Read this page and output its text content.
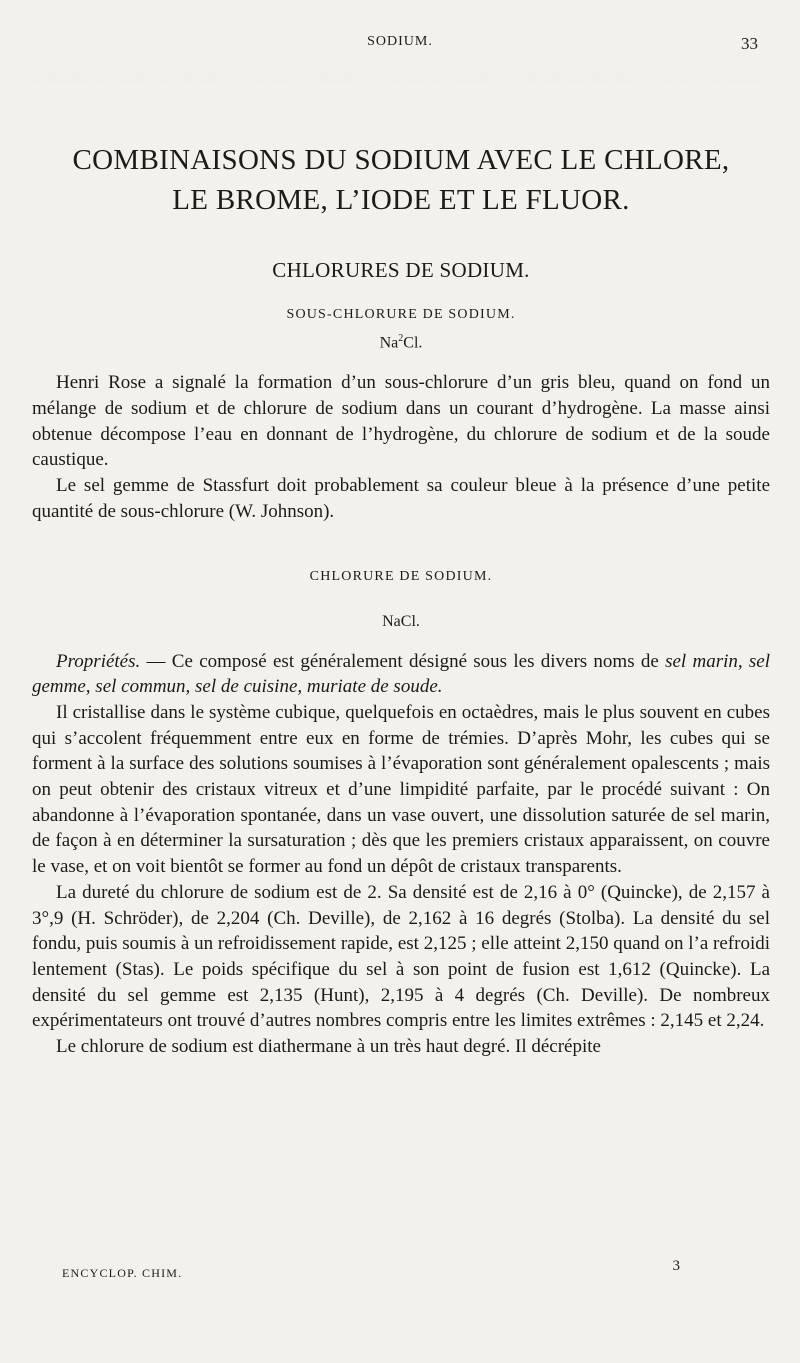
SODIUM.	33
COMBINAISONS DU SODIUM AVEC LE CHLORE,
LE BROME, L’IODE ET LE FLUOR.
CHLORURES DE SODIUM.
SOUS-CHLORURE DE SODIUM.
Na$^2$Cl.

Henri Rose a signalé la formation d’un sous-chlorure d’un gris bleu, quand on fond un mélange de sodium et de chlorure de sodium dans un courant d’hydrogène. La masse ainsi obtenue décompose l’eau en donnant de l’hydrogène, du chlorure de sodium et de la soude caustique.

Le sel gemme de Stassfurt doit probablement sa couleur bleue à la présence d’une petite quantité de sous-chlorure (W. Johnson).

CHLORURE DE SODIUM.
NaCl.

Propriétés. — Ce composé est généralement désigné sous les divers noms de sel marin, sel gemme, sel commun, sel de cuisine, muriate de soude.

Il cristallise dans le système cubique, quelquefois en octaèdres, mais le plus souvent en cubes qui s’accolent fréquemment entre eux en forme de trémies. D’après Mohr, les cubes qui se forment à la surface des solutions soumises à l’évaporation sont généralement opalescents ; mais on peut obtenir des cristaux vitreux et d’une limpidité parfaite, par le procédé suivant : On abandonne à l’évaporation spontanée, dans un vase ouvert, une dissolution saturée de sel marin, de façon à en déterminer la sursaturation ; dès que les premiers cristaux apparaissent, on couvre le vase, et on voit bientôt se former au fond un dépôt de cristaux transparents.

La dureté du chlorure de sodium est de 2. Sa densité est de 2,16 à 0° (Quincke), de 2,157 à 3°,9 (H. Schröder), de 2,204 (Ch. Deville), de 2,162 à 16 degrés (Stolba). La densité du sel fondu, puis soumis à un refroidissement rapide, est 2,125 ; elle atteint 2,150 quand on l’a refroidi lentement (Stas). Le poids spécifique du sel à son point de fusion est 1,612 (Quincke). La densité du sel gemme est 2,135 (Hunt), 2,195 à 4 degrés (Ch. Deville). De nombreux expérimentateurs ont trouvé d’autres nombres compris entre les limites extrêmes : 2,145 et 2,24.

Le chlorure de sodium est diathermane à un très haut degré. Il décrépite

ENCYCLOP. CHIM.	3
